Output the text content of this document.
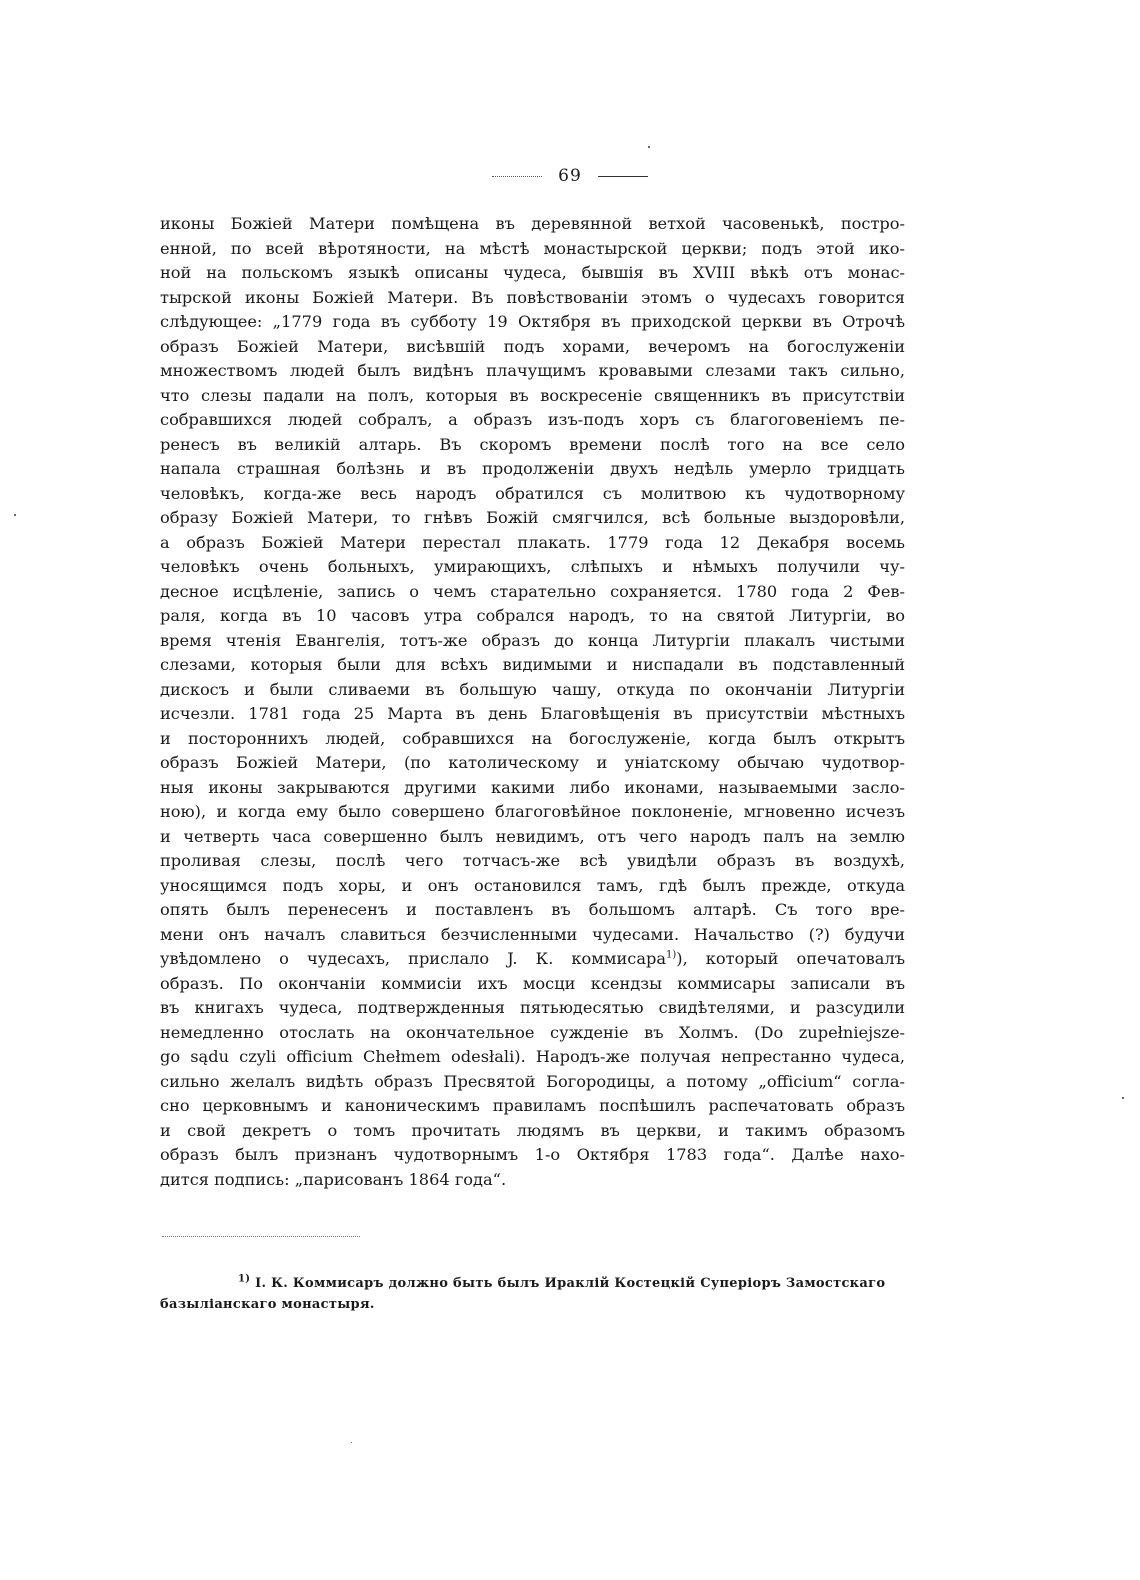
69
иконы Божіей Матери помѣщена въ деревянной ветхой часовенькѣ, постро-
енной, по всей вѣротяности, на мѣстѣ монастырской церкви; подъ этой ико-
ной на польскомъ языкѣ описаны чудеса, бывшія въ XVIII вѣкѣ отъ монас-
тырской иконы Божіей Матери. Въ повѣствованіи этомъ о чудесахъ говорится
слѣдующее: „1779 года въ субботу 19 Октября въ приходской церкви въ Отрочѣ
образъ Божіей Матери, висѣвшій подъ хорами, вечеромъ на богослуженіи
множествомъ людей былъ видѣнъ плачущимъ кровавыми слезами такъ сильно,
что слезы падали на полъ, которыя въ воскресеніе священникъ въ присутствіи
собравшихся людей собралъ, а образъ изъ-подъ хоръ съ благоговеніемъ пе-
ренесъ въ великій алтарь. Въ скоромъ времени послѣ того на все село
напала страшная болѣзнь и въ продолженіи двухъ недѣль умерло тридцать
человѣкъ, когда-же весь народъ обратился съ молитвою къ чудотворному
образу Божіей Матери, то гнѣвъ Божій смягчился, всѣ больные выздоровѣли,
а образъ Божіей Матери перестал плакать. 1779 года 12 Декабря восемь
человѣкъ очень больныхъ, умирающихъ, слѣпыхъ и нѣмыхъ получили чу-
десное исцѣленіе, запись о чемъ старательно сохраняется. 1780 года 2 Фев-
раля, когда въ 10 часовъ утра собрался народъ, то на святой Литургіи, во
время чтенія Евангелія, тотъ-же образъ до конца Литургіи плакалъ чистыми
слезами, которыя были для всѣхъ видимыми и ниспадали въ подставленный
дискосъ и были сливаеми въ большую чашу, откуда по окончаніи Литургіи
исчезли. 1781 года 25 Марта въ день Благовѣщенія въ присутствіи мѣстныхъ
и постороннихъ людей, собравшихся на богослуженіе, когда былъ открытъ
образъ Божіей Матери, (по католическому и уніатскому обычаю чудотвор-
ныя иконы закрываются другими какими либо иконами, называемыми засло-
ною), и когда ему было совершено благоговѣйное поклоненіе, мгновенно исчезъ
и четверть часа совершенно былъ невидимъ, отъ чего народъ палъ на землю
проливая слезы, послѣ чего тотчасъ-же всѣ увидѣли образъ въ воздухѣ,
уносящимся подъ хоры, и онъ остановился тамъ, гдѣ былъ прежде, откуда
опять былъ перенесенъ и поставленъ въ большомъ алтарѣ. Съ того вре-
мени онъ началъ славиться безчисленными чудесами. Начальство (?) будучи
увѣдомлено о чудесахъ, прислало J. К. коммисара$^{1)}$), который опечатовалъ
образъ. По окончаніи коммисіи ихъ мосци ксендзы коммисары записали въ
въ книгахъ чудеса, подтвержденныя пятьюдесятью свидѣтелями, и разсудили
немедленно отослать на окончательное сужденіе въ Холмъ. (Do zupełniejsze-
go sądu czyli officium Chełmem odesłali). Народъ-же получая непрестанно чудеса,
сильно желалъ видѣть образъ Пресвятой Богородицы, а потому „officium“ согла-
сно церковнымъ и каноническимъ правиламъ поспѣшилъ распечатовать образъ
и свой декретъ о томъ прочитать людямъ въ церкви, и такимъ образомъ
образъ былъ признанъ чудотворнымъ 1-о Октября 1783 года“. Далѣе нахо-
дится подпись: „парисованъ 1864 года“.
$^{1)}$ I. К. Коммисаръ должно быть былъ Ираклій Костецкій Суперіоръ Замостскаго
базыліанскаго монастыря.
